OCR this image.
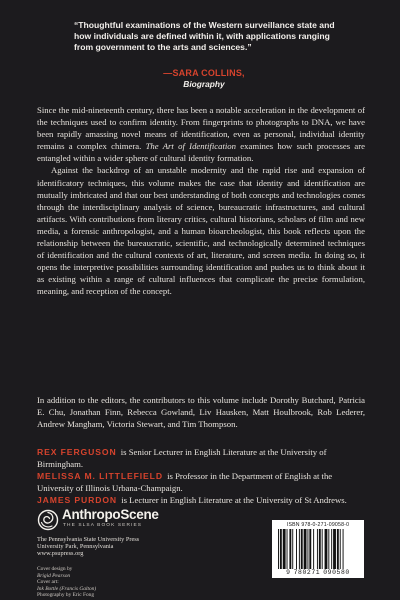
“Thoughtful examinations of the Western surveillance state and how individuals are defined within it, with applications ranging from government to the arts and sciences.”
—SARA COLLINS,
Biography

Since the mid-nineteenth century, there has been a notable acceleration in the development of the techniques used to confirm identity. From fingerprints to photographs to DNA, we have been rapidly amassing novel means of identification, even as personal, individual identity remains a complex chimera. The Art of Identification examines how such processes are entangled within a wider sphere of cultural identity formation.

Against the backdrop of an unstable modernity and the rapid rise and expansion of identificatory techniques, this volume makes the case that identity and identification are mutually imbricated and that our best understanding of both concepts and technologies comes through the interdisciplinary analysis of science, bureaucratic infrastructures, and cultural artifacts. With contributions from literary critics, cultural historians, scholars of film and new media, a forensic anthropologist, and a human bioarcheologist, this book reflects upon the relationship between the bureaucratic, scientific, and technologically determined techniques of identification and the cultural contexts of art, literature, and screen media. In doing so, it opens the interpretive possibilities surrounding identification and pushes us to think about it as existing within a range of cultural influences that complicate the precise formulation, meaning, and reception of the concept.

In addition to the editors, the contributors to this volume include Dorothy Butchard, Patricia E. Chu, Jonathan Finn, Rebecca Gowland, Liv Hausken, Matt Houlbrook, Rob Lederer, Andrew Mangham, Victoria Stewart, and Tim Thompson.

REX FERGUSON is Senior Lecturer in English Literature at the University of Birmingham.

MELISSA M. LITTLEFIELD is Professor in the Department of English at the University of Illinois Urbana-Champaign.

JAMES PURDON is Lecturer in English Literature at the University of St Andrews.

AnthropoScene
THE SLSA BOOK SERIES
The Pennsylvania State University Press
University Park, Pennsylvania
www.psupress.org
Cover design by
Brigid Pearson
Cover art:
Ink Bottle (Francis Galton)
Photography by Eric Fong
ISBN 978-0-271-09058-0
9 780271 090580
